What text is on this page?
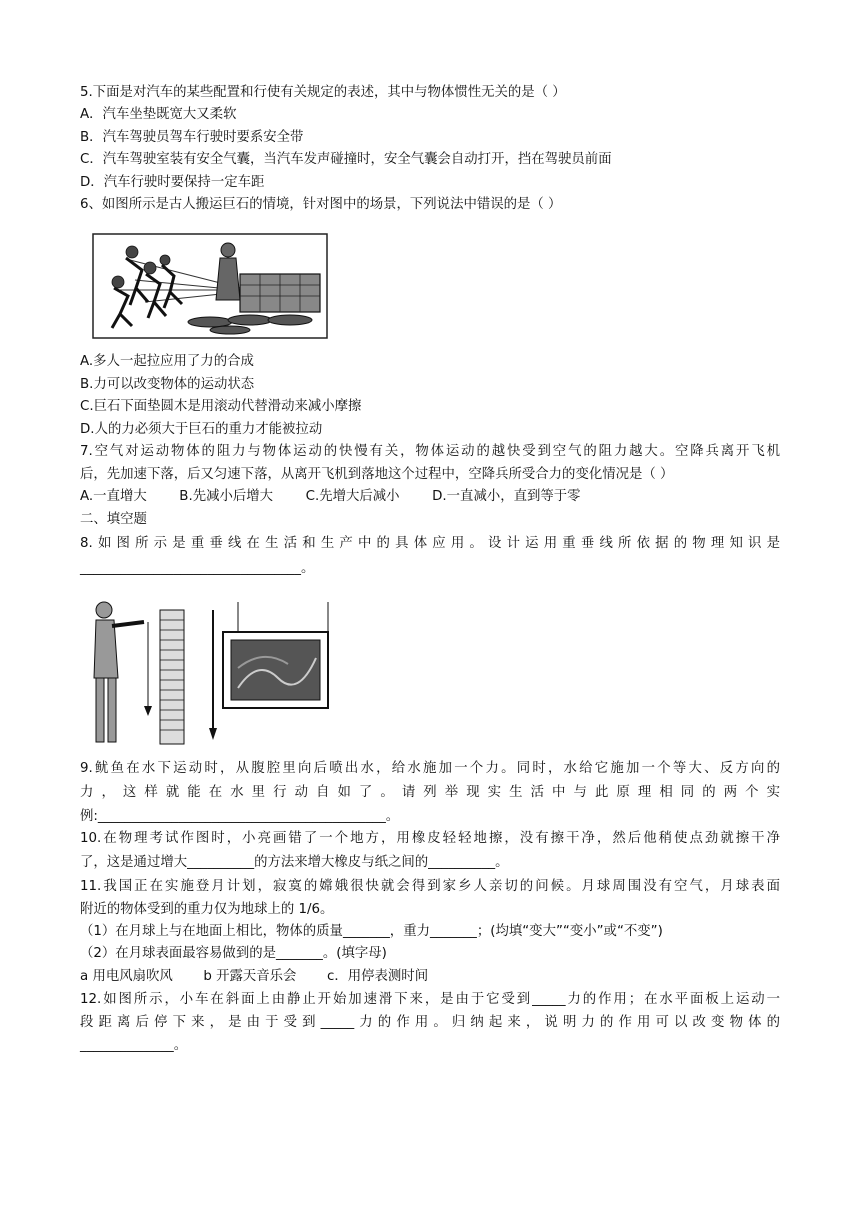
5.下面是对汽车的某些配置和行使有关规定的表述，其中与物体惯性无关的是（ ）
A．汽车坐垫既宽大又柔软
B．汽车驾驶员驾车行驶时要系安全带
C．汽车驾驶室装有安全气囊，当汽车发声碰撞时，安全气囊会自动打开，挡在驾驶员前面
D．汽车行驶时要保持一定车距
6、如图所示是古人搬运巨石的情境，针对图中的场景，下列说法中错误的是（ ）
A.多人一起拉应用了力的合成
B.力可以改变物体的运动状态
C.巨石下面垫圆木是用滚动代替滑动来减小摩擦
D.人的力必须大于巨石的重力才能被拉动
7.空气对运动物体的阻力与物体运动的快慢有关，物体运动的越快受到空气的阻力越大。空降兵离开飞机
后，先加速下落，后又匀速下落，从离开飞机到落地这个过程中，空降兵所受合力的变化情况是（ ）
A.一直增大 B.先减小后增大 C.先增大后减小 D.一直减小，直到等于零
二、填空题
8.如图所示是重垂线在生活和生产中的具体应用。设计运用重垂线所依据的物理知识是
_________________________________。
9.鱿鱼在水下运动时，从腹腔里向后喷出水，给水施加一个力。同时，水给它施加一个等大、反方向的
力，这样就能在水里行动自如了。请列举现实生活中与此原理相同的两个实
例:___________________________________________。
10.在物理考试作图时，小亮画错了一个地方，用橡皮轻轻地擦，没有擦干净，然后他稍使点劲就擦干净
了，这是通过增大__________的方法来增大橡皮与纸之间的__________。
11.我国正在实施登月计划，寂寞的嫦娥很快就会得到家乡人亲切的问候。月球周围没有空气，月球表面
附近的物体受到的重力仅为地球上的 1/6。
（1）在月球上与在地面上相比，物体的质量_______，重力_______；(均填“变大”“变小”或“不变”)
（2）在月球表面最容易做到的是_______。(填字母)
a 用电风扇吹风 b 开露天音乐会 c．用停表测时间
12.如图所示，小车在斜面上由静止开始加速滑下来，是由于它受到_____力的作用；在水平面板上运动一
段距离后停下来，是由于受到_____力的作用。归纳起来，说明力的作用可以改变物体的
______________。
